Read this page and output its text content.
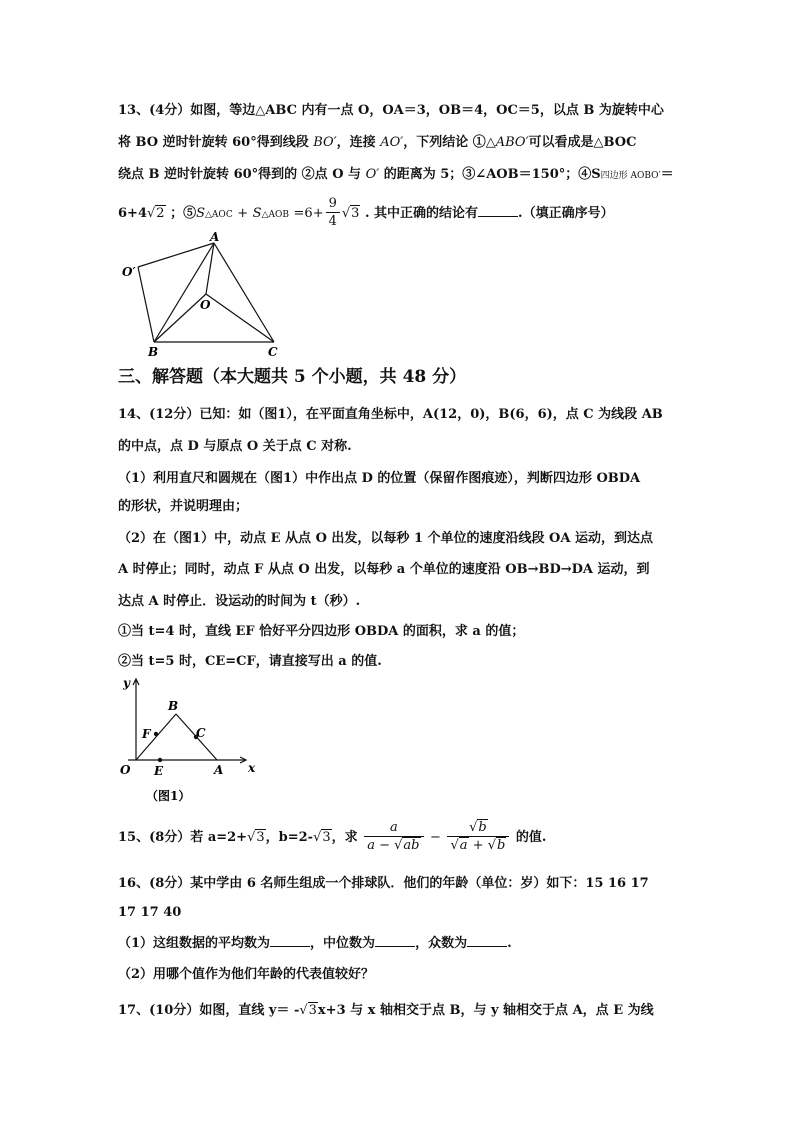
13、(4分）如图，等边△ABC 内有一点 O，OA＝3，OB＝4，OC＝5，以点 B 为旋转中心
将 BO 逆时针旋转 60°得到线段 BO′，连接 AO′，下列结论 ①△ABO′可以看成是△BOC
绕点 B 逆时针旋转 60°得到的 ②点 O 与 O′ 的距离为 5；③∠AOB＝150°；④S四边形 AOBO′＝
6+4√2 ；⑤S△AOC + S△AOB $=6+ \frac{9}{4} √3$ . 其中正确的结论有	.（填正确序号）
A
O′
O
B	C
三、解答题（本大题共 5 个小题，共 48 分）
14、(12分）已知：如（图1），在平面直角坐标中，A(12，0)，B(6，6)，点 C 为线段 AB
的中点，点 D 与原点 O 关于点 C 对称.
（1）利用直尺和圆规在（图1）中作出点 D 的位置（保留作图痕迹），判断四边形 OBDA
的形状，并说明理由；
（2）在（图1）中，动点 E 从点 O 出发，以每秒 1 个单位的速度沿线段 OA 运动，到达点
A 时停止；同时，动点 F 从点 O 出发，以每秒 a 个单位的速度沿 OB→BD→DA 运动，到
达点 A 时停止．设运动的时间为 t（秒）.
①当 t=4 时，直线 EF 恰好平分四边形 OBDA 的面积，求 a 的值；
②当 t=5 时，CE=CF，请直接写出 a 的值.
y
x
B
F	C
O E	A
（图1）
15、(8分）若 a=2+√3，b=2-√3，求 $\frac{a}{a - √ab} - \frac{√b}{√a + √b}$ 的值.
16、(8分）某中学由 6 名师生组成一个排球队．他们的年龄（单位：岁）如下：15 16 17
17 17 40
（1）这组数据的平均数为	，中位数为	，众数为	.
（2）用哪个值作为他们年龄的代表值较好？
17、(10分）如图，直线 y＝ -√3x+3 与 x 轴相交于点 B，与 y 轴相交于点 A，点 E 为线
